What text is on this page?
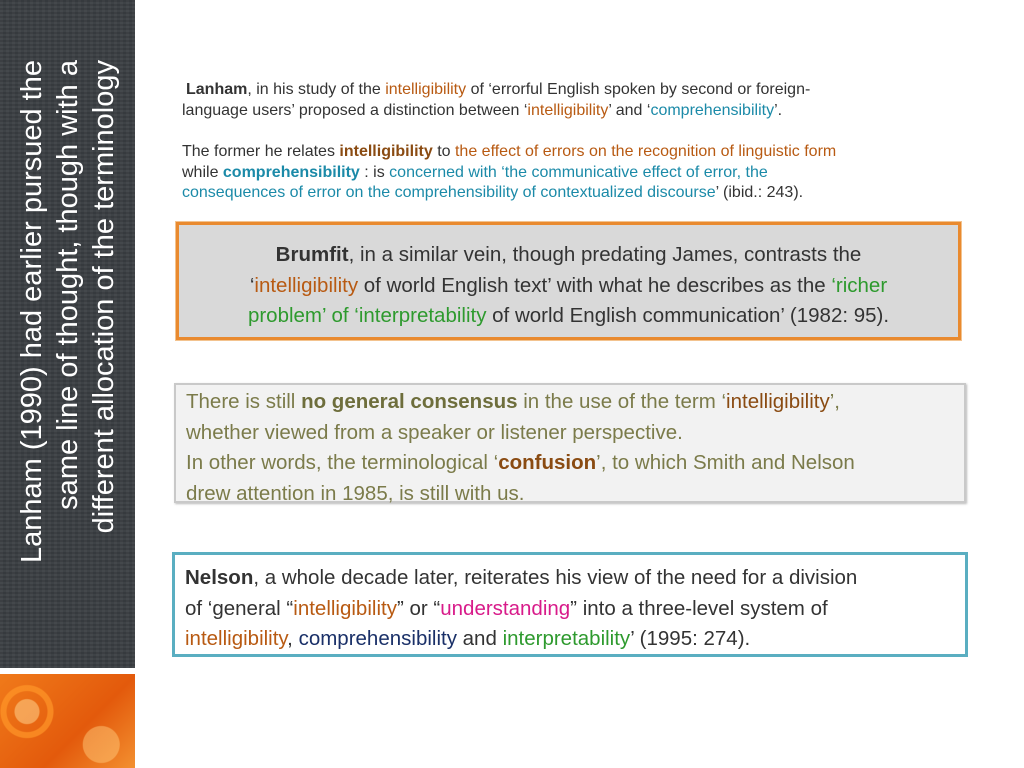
Lanham (1990) had earlier pursued the
same line of thought, though with a
different allocation of the terminology	Lanham, in his study of the intelligibility of ‘errorful English spoken by second or foreign-

language users’ proposed a distinction between ‘intelligibility’ and ‘comprehensibility’.

The former he relates intelligibility to the effect of errors on the recognition of linguistic form

while comprehensibility : is concerned with ‘the communicative effect of error, the

consequences of error on the comprehensibility of contextualized discourse’ (ibid.: 243).

Brumfit, in a similar vein, though predating James, contrasts the
‘intelligibility of world English text’ with what he describes as the ‘richer
problem’ of ‘interpretability of world English communication’ (1982: 95).
There is still no general consensus in the use of the term ‘intelligibility’,
whether viewed from a speaker or listener perspective.
In other words, the terminological ‘confusion’, to which Smith and Nelson
drew attention in 1985, is still with us.
Nelson, a whole decade later, reiterates his view of the need for a division
of ‘general “intelligibility” or “understanding” into a three-level system of
intelligibility, comprehensibility and interpretability’ (1995: 274).
